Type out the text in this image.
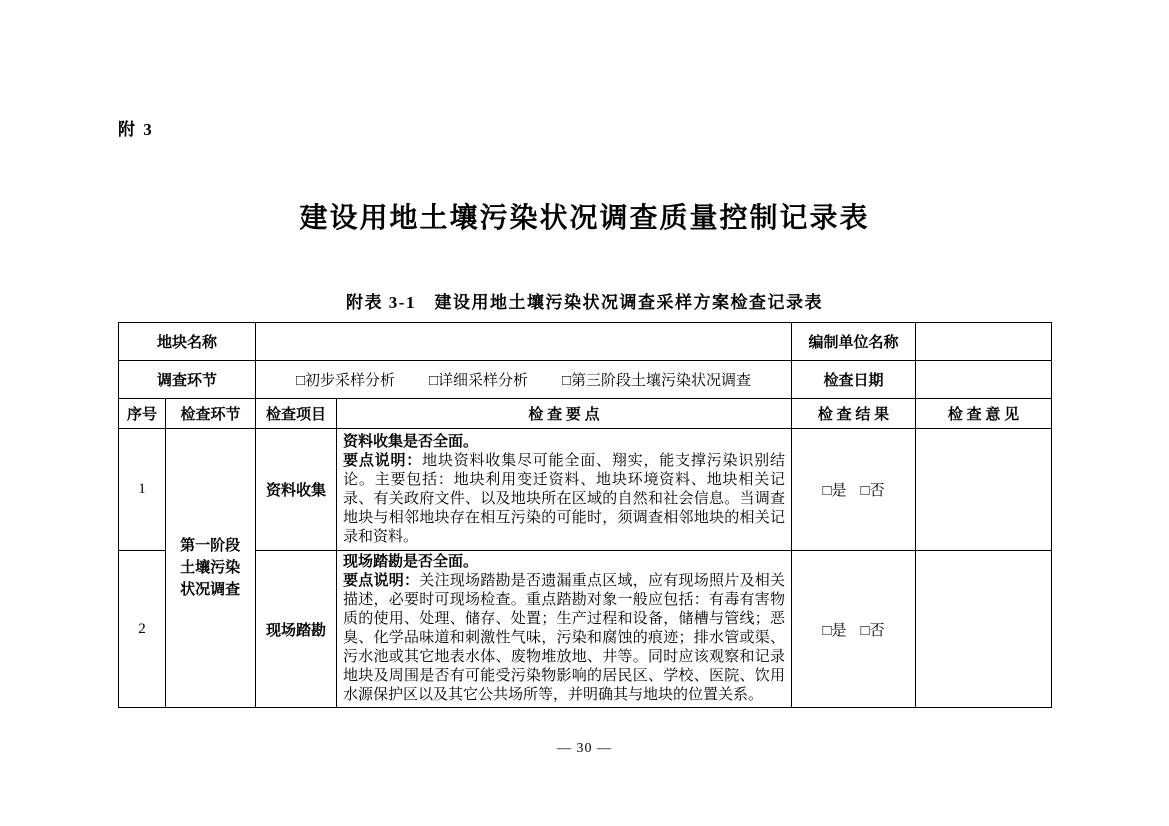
附 3
建设用地土壤污染状况调查质量控制记录表
附表 3-1　建设用地土壤污染状况调查采样方案检查记录表
地块名称				编制单位名称	
调查环节		□初步采样分析 □详细采样分析 □第三阶段土壤污染状况调查		检查日期	
序号	检查环节	检查项目	检 查 要 点	检 查 结 果	检 查 意 见
1	第一阶段土壤污染状况调查	资料收集	资料收集是否全面。
要点说明：地块资料收集尽可能全面、翔实，能支撑污染识别结论。主要包括：地块利用变迁资料、地块环境资料、地块相关记录、有关政府文件、以及地块所在区域的自然和社会信息。当调查地块与相邻地块存在相互污染的可能时，须调查相邻地块的相关记录和资料。	□是 □否	
2		现场踏勘	现场踏勘是否全面。
要点说明：关注现场踏勘是否遗漏重点区域，应有现场照片及相关描述，必要时可现场检查。重点踏勘对象一般应包括：有毒有害物质的使用、处理、储存、处置；生产过程和设备，储槽与管线；恶臭、化学品味道和刺激性气味，污染和腐蚀的痕迹；排水管或渠、污水池或其它地表水体、废物堆放地、井等。同时应该观察和记录地块及周围是否有可能受污染物影响的居民区、学校、医院、饮用水源保护区以及其它公共场所等，并明确其与地块的位置关系。	□是 □否	
— 30 —
